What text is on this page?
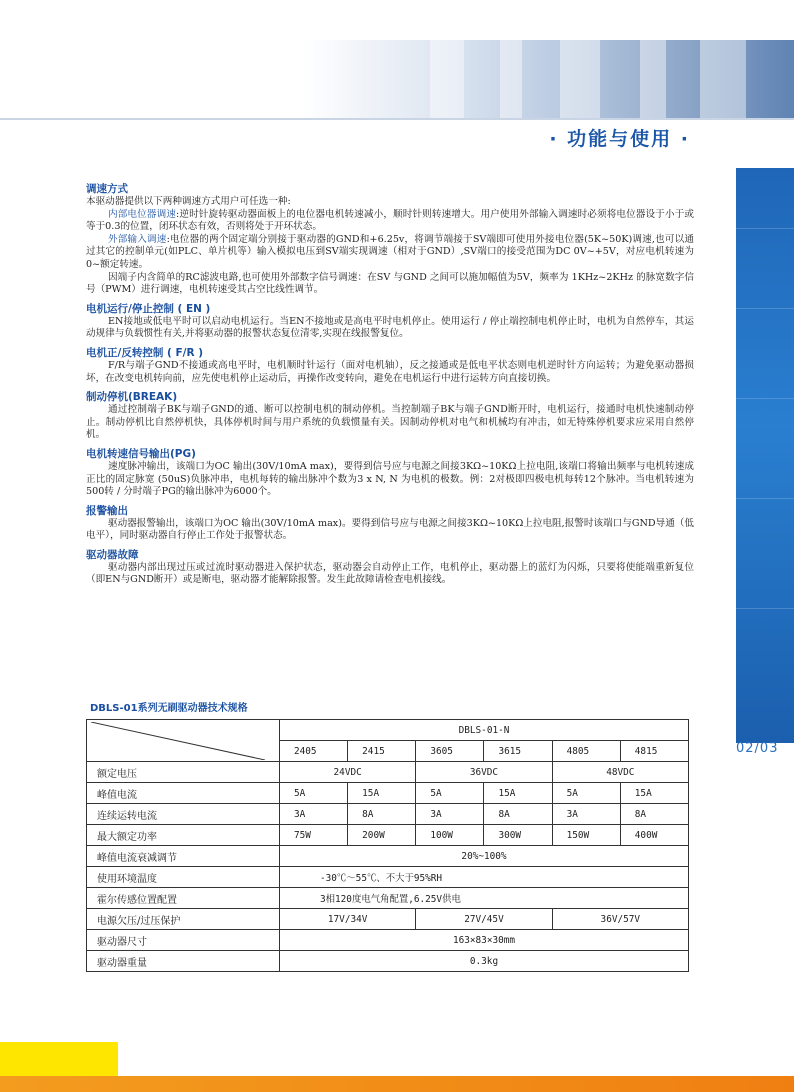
· 功能与使用 ·
02/03
调速方式

本驱动器提供以下两种调速方式用户可任选一种:

内部电位器调速:逆时针旋转驱动器面板上的电位器电机转速减小，顺时针则转速增大。用户使用外部输入调速时必须将电位器设于小于或等于0.3的位置，闭环状态有效，否则将处于开环状态。

外部输入调速:电位器的两个固定端分别接于驱动器的GND和+6.25v，将调节端接于SV端即可使用外接电位器(5K~50K)调速,也可以通过其它的控制单元(如PLC、单片机等）输入模拟电压到SV端实现调速（相对于GND）,SV端口的接受范围为DC 0V~+5V，对应电机转速为0~额定转速。

因端子内含简单的RC滤波电路,也可使用外部数字信号调速：在SV 与GND 之间可以施加幅值为5V，频率为 1KHz~2KHz 的脉宽数字信号（PWM）进行调速，电机转速受其占空比线性调节。

电机运行/停止控制 ( EN )

EN接地或低电平时可以启动电机运行。当EN不接地或是高电平时电机停止。使用运行 / 停止端控制电机停止时，电机为自然停车，其运动规律与负载惯性有关,并将驱动器的报警状态复位清零,实现在线报警复位。

电机正/反转控制 ( F/R )

F/R与端子GND不接通或高电平时，电机顺时针运行（面对电机轴），反之接通或是低电平状态则电机逆时针方向运转；为避免驱动器损坏，在改变电机转向前，应先使电机停止运动后，再操作改变转向，避免在电机运行中进行运转方向直接切换。

制动停机(BREAK)

通过控制端子BK与端子GND的通、断可以控制电机的制动停机。当控制端子BK与端子GND断开时，电机运行，接通时电机快速制动停止。制动停机比自然停机快，具体停机时间与用户系统的负载惯量有关。因制动停机对电气和机械均有冲击，如无特殊停机要求应采用自然停机。

电机转速信号输出(PG)

速度脉冲输出，该端口为OC 输出(30V/10mA max)，要得到信号应与电源之间接3KΩ~10KΩ上拉电阻,该端口将输出频率与电机转速成正比的固定脉宽 (50uS)负脉冲串，电机每转的输出脉冲个数为3 x N, N 为电机的极数。例：2对极即四极电机每转12个脉冲。当电机转速为500转 / 分时端子PG的输出脉冲为6000个。

报警输出

驱动器报警输出，该端口为OC 输出(30V/10mA max)。要得到信号应与电源之间接3KΩ~10KΩ上拉电阻,报警时该端口与GND导通（低电平），同时驱动器自行停止工作处于报警状态。

驱动器故障

驱动器内部出现过压或过流时驱动器进入保护状态，驱动器会自动停止工作，电机停止，驱动器上的蓝灯为闪烁，只要将使能端重新复位（即EN与GND断开）或是断电，驱动器才能解除报警。发生此故障请检查电机接线。

DBLS-01系列无刷驱动器技术规格
	DBLS-01-N					
	2405	2415	3605	3615	4805	4815
额定电压	24VDC		36VDC		48VDC	
峰值电流	5A	15A	5A	15A	5A	15A
连续运转电流	3A	8A	3A	8A	3A	8A
最大额定功率	75W	200W	100W	300W	150W	400W
峰值电流衰减调节	20%~100%					
使用环境温度	-30℃～55℃、不大于95%RH					
霍尔传感位置配置	3相120度电气角配置,6.25V供电					
电源欠压/过压保护	17V/34V		27V/45V		36V/57V	
驱动器尺寸	163×83×30mm					
驱动器重量	0.3kg					
